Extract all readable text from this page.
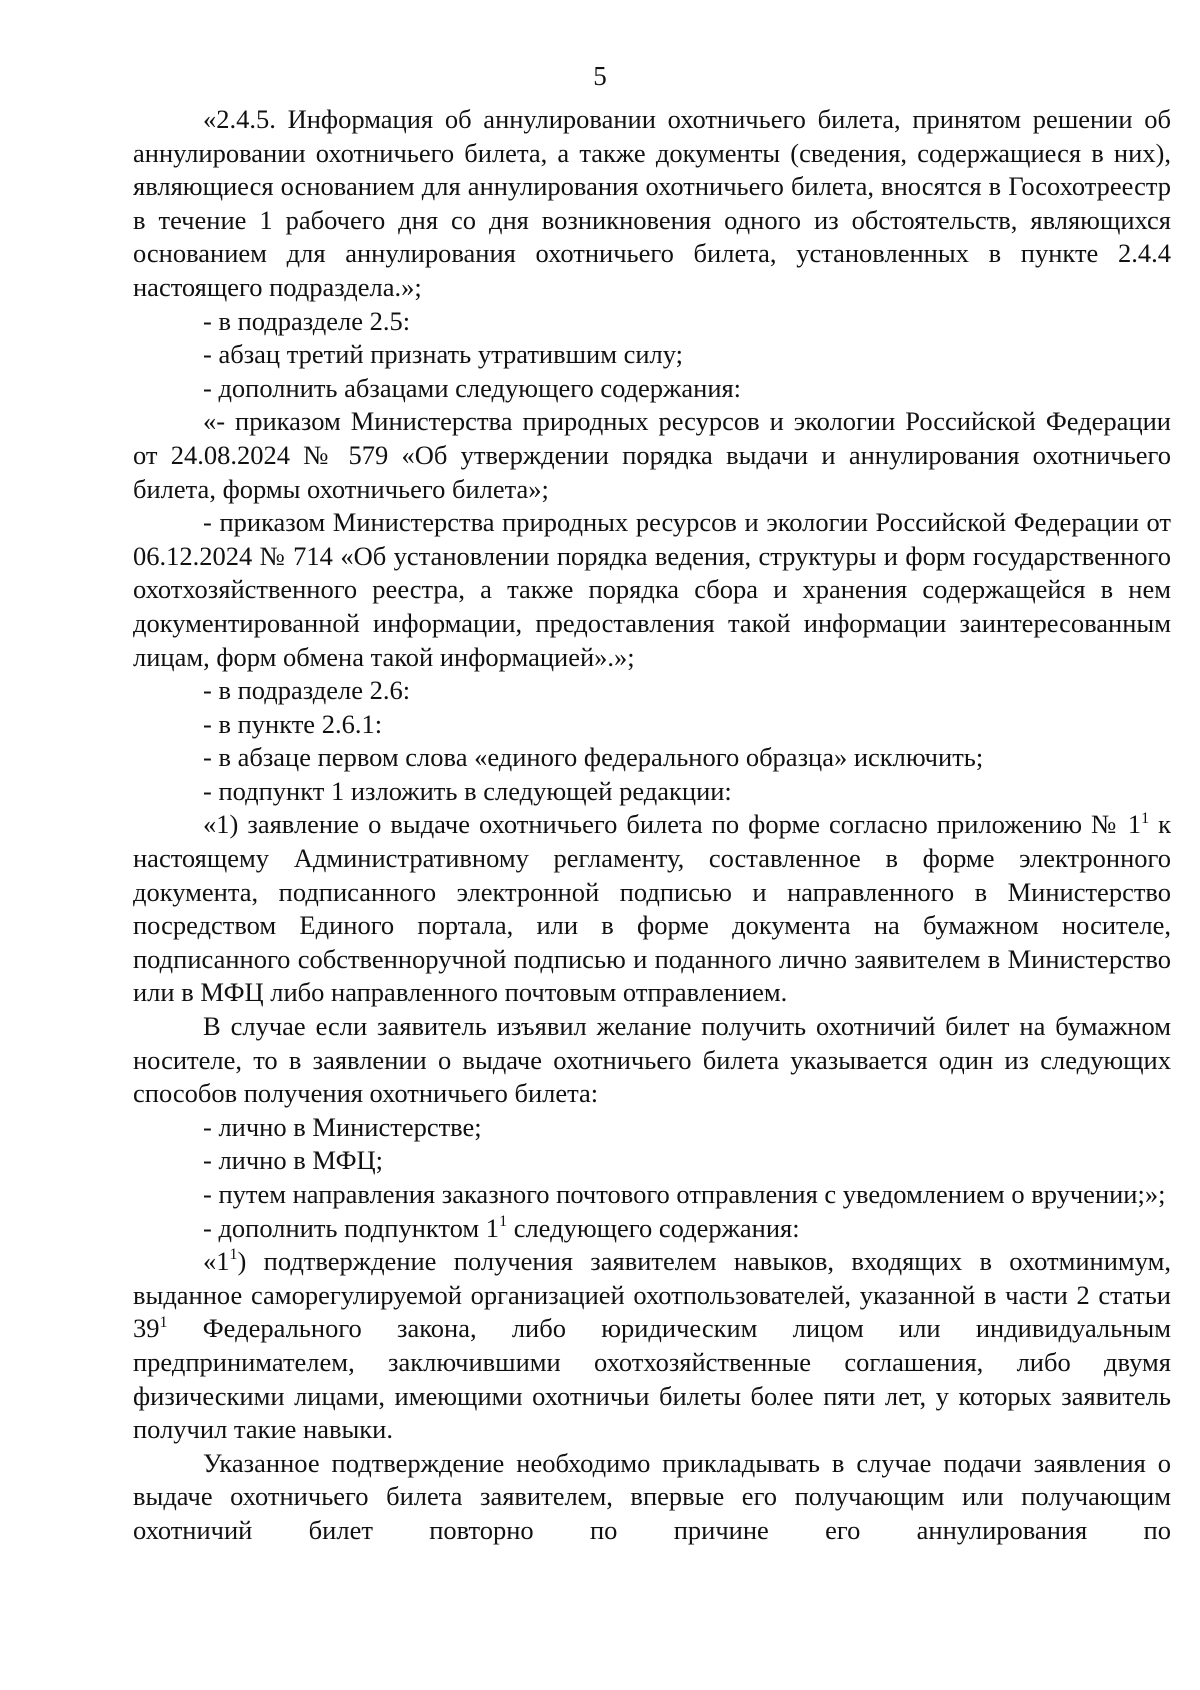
5

«2.4.5. Информация об аннулировании охотничьего билета, принятом решении об аннулировании охотничьего билета, а также документы (сведения, содержащиеся в них), являющиеся основанием для аннулирования охотничьего билета, вносятся в Госохотреестр в течение 1 рабочего дня со дня возникновения одного из обстоятельств, являющихся основанием для аннулирования охотничьего билета, установленных в пункте 2.4.4 настоящего подраздела.»;

- в подразделе 2.5:

- абзац третий признать утратившим силу;

- дополнить абзацами следующего содержания:

«- приказом Министерства природных ресурсов и экологии Российской Федерации от 24.08.2024 № 579 «Об утверждении порядка выдачи и аннулирования охотничьего билета, формы охотничьего билета»;

- приказом Министерства природных ресурсов и экологии Российской Федерации от 06.12.2024 № 714 «Об установлении порядка ведения, структуры и форм государственного охотхозяйственного реестра, а также порядка сбора и хранения содержащейся в нем документированной информации, предоставления такой информации заинтересованным лицам, форм обмена такой информацией».»;

- в подразделе 2.6:

- в пункте 2.6.1:

- в абзаце первом слова «единого федерального образца» исключить;

- подпункт 1 изложить в следующей редакции:

«1) заявление о выдаче охотничьего билета по форме согласно приложению № $1^1$ к настоящему Административному регламенту, составленное в форме электронного документа, подписанного электронной подписью и направленного в Министерство посредством Единого портала, или в форме документа на бумажном носителе, подписанного собственноручной подписью и поданного лично заявителем в Министерство или в МФЦ либо направленного почтовым отправлением.

В случае если заявитель изъявил желание получить охотничий билет на бумажном носителе, то в заявлении о выдаче охотничьего билета указывается один из следующих способов получения охотничьего билета:

- лично в Министерстве;

- лично в МФЦ;

- путем направления заказного почтового отправления с уведомлением о вручении;»;

- дополнить подпунктом $1^1$ следующего содержания:

«$1^1$) подтверждение получения заявителем навыков, входящих в охотминимум, выданное саморегулируемой организацией охотпользователей, указанной в части 2 статьи $39^1$ Федерального закона, либо юридическим лицом или индивидуальным предпринимателем, заключившими охотхозяйственные соглашения, либо двумя физическими лицами, имеющими охотничьи билеты более пяти лет, у которых заявитель получил такие навыки.

Указанное подтверждение необходимо прикладывать в случае подачи заявления о выдаче охотничьего билета заявителем, впервые его получающим или получающим охотничий билет повторно по причине его аннулирования по
